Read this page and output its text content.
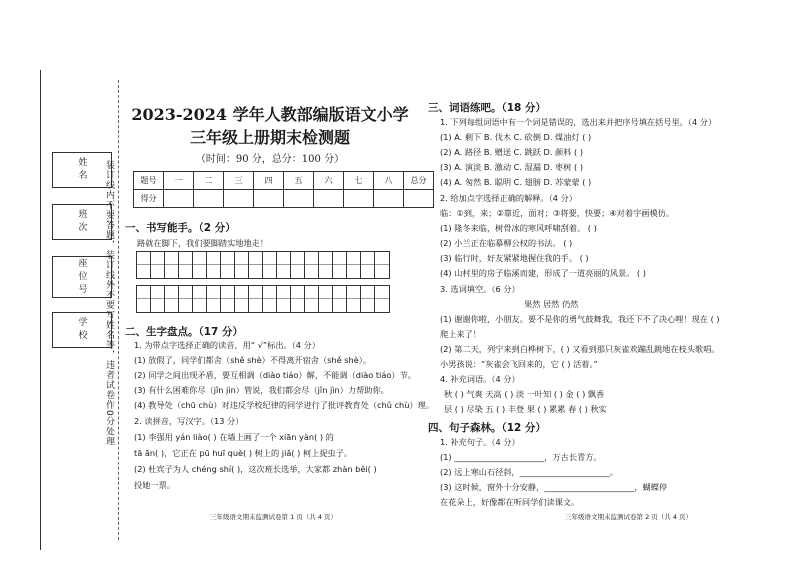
姓名
班次
座位号
学校	装订线内不要答题，装订线外不要写姓名等，违者试卷作0分处理
2023-2024 学年人教部编版语文小学
三年级上册期末检测题
（时间：90 分，总分：100 分）
题号	一	二	三	四	五	六	七	八	总分
得分									
一、书写能手。（2 分）
路就在脚下，我们要脚踏实地地走！
二、生字盘点。（17 分）
1. 为带点字选择正确的读音，用“ √”标出。（4 分）
(1) 放假了，同学们都舍（shě shè）不得离开宿舍（shě shè）。
(2) 同学之间出现矛盾，要互相调（diào tiáo）解，不能调（diào tiáo）节。
(3) 有什么困难你尽（jǐn jìn）管说，我们都会尽（jǐn jìn）力帮助你。
(4) 教导处（chū chù）对违反学校纪律的同学进行了批评教育处（chǔ chù）理。
2. 读拼音，写汉字。（13 分）
(1) 李强用 yán liào( ) 在墙上画了一个 xiān yàn( ) 的
tā ān( )，它正在 pū huī què( ) 树上的 jiǎ( ) 柯上捉虫子。
(2) 杜宾子为人 chéng shí( )，这次班长选举，大家都 zhàn běi( )
投她一票。
三年级语文期末监测试卷第 1 页（共 4 页）
三、词语练吧。（18 分）
1. 下列每组词语中有一个词是错误的，选出来并把序号填在括号里。（4 分）
(1) A. 剩下 B. 伐木 C. 砍倒 D. 煤油灯 ( )
(2) A. 路径 B. 赠送 C. 跳跃 D. 颜料 ( )
(3) A. 演淡 B. 激动 C. 湿漏 D. 枣树 ( )
(4) A. 匆然 B. 聪明 C. 翅膀 D. 苏蒙蒙 ( )
2. 给加点字选择正确的解释。（4 分）
临：①到，来；②靠近，面对；③将要，快要；④对着字画模仿。
(1) 隆冬来临，树骨冰的寒风呼啸刮着。 ( )
(2) 小兰正在临摹柳公权的书法。 ( )
(3) 临行时，好友紧紧地握住我的手。 ( )
(4) 山村里的房子临溪而建，形成了一道亮丽的风景。 ( )
3. 选词填空。（6 分）
果然 居然 仍然
(1) 谢谢你啦，小朋友。要不是你的勇气鼓舞我，我还下不了决心哩！现在 ( )
爬上来了！
(2) 第二天，列宁来到白桦树下，( ) 又看到那只灰雀欢蹦乱跳地在枝头歌唱。
小男孩说：“灰雀会飞回来的，它 ( ) 活着。”
4. 补充词语。（4 分）
秋 ( ) 气爽 天高 ( ) 淡 一叶知 ( ) 金 ( ) 飘香
层 ( ) 尽染 五 ( ) 丰登 果 ( ) 累累 春 ( ) 秋实
四、句子森林。（12 分）
1. 补充句子。（4 分）
(1) ______________________，万古长青方。
(2) 远上寒山石径斜，______________________。
(3) 这时候，窗外十分安静，______________________，蝴蝶停
在花朵上，好像都在听同学们读课文。
三年级语文期末监测试卷第 2 页（共 4 页）
